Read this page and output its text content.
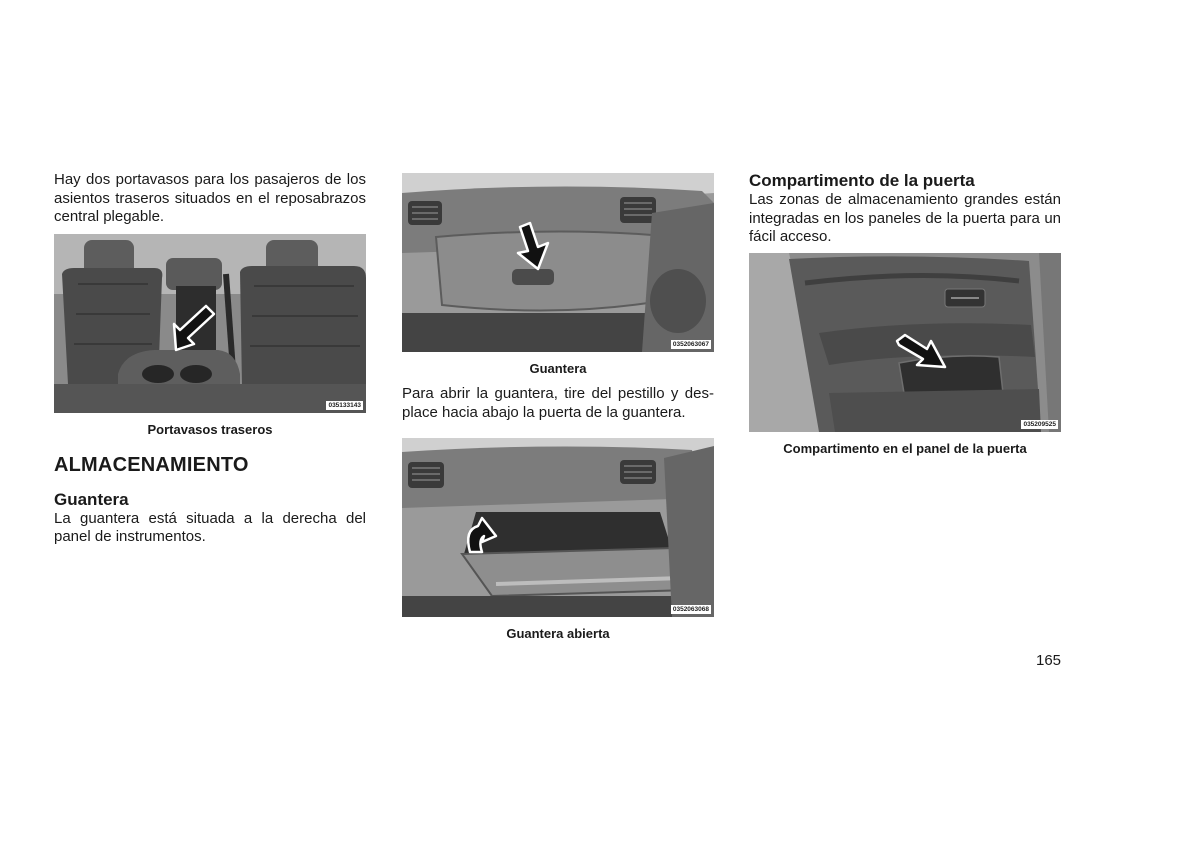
Hay dos portavasos para los pasajeros de los asientos traseros situados en el reposabrazos central plegable.

035133143

Portavasos traseros

ALMACENAMIENTO
Guantera

La guantera está situada a la derecha del panel de instrumentos.

0352063067

Guantera

Para abrir la guantera, tire del pestillo y des-place hacia abajo la puerta de la guantera.

0352063068

Guantera abierta

Compartimento de la puerta

Las zonas de almacenamiento grandes están integradas en los paneles de la puerta para un fácil acceso.

035209525

Compartimento en el panel de la puerta

165
